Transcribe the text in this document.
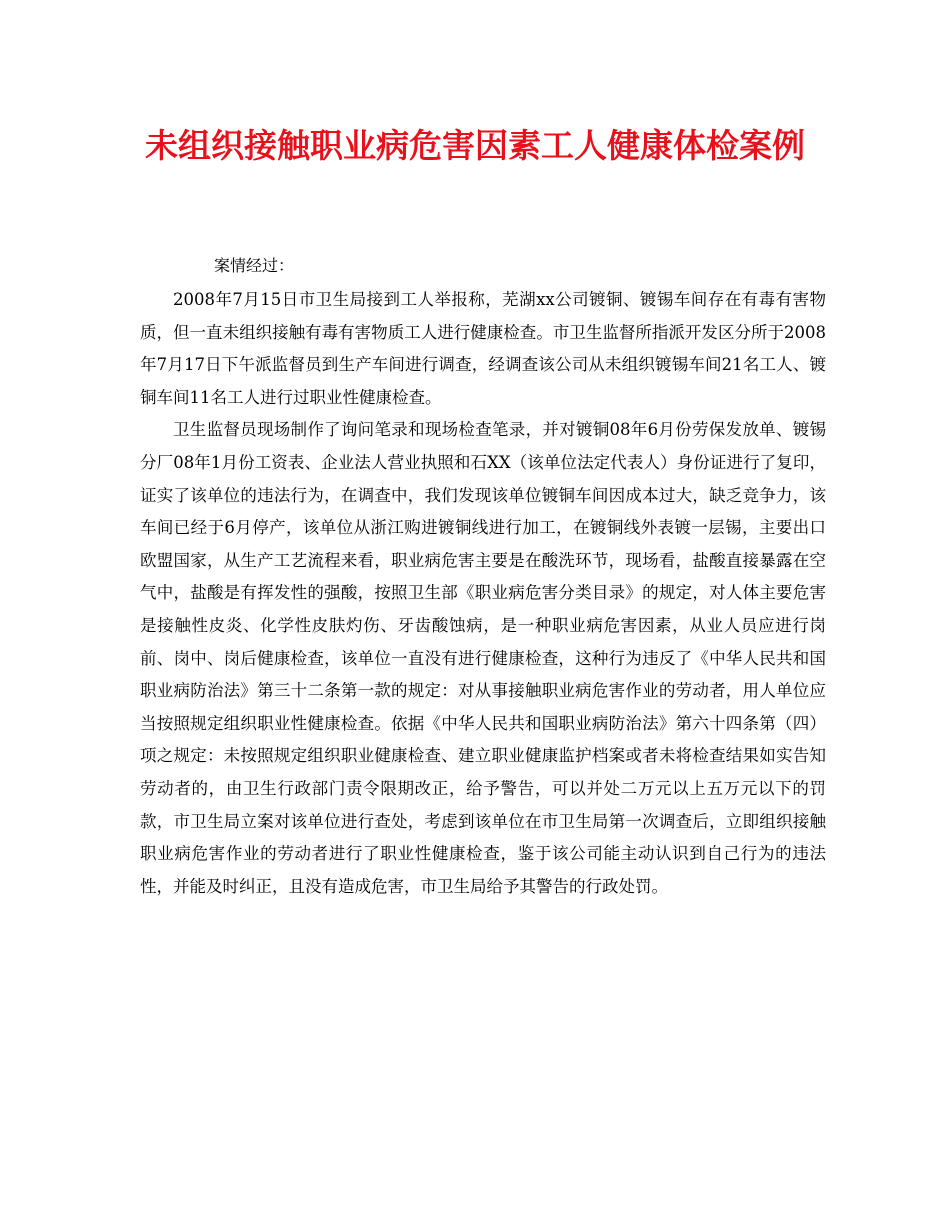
未组织接触职业病危害因素工人健康体检案例

案情经过：

2008年7月15日市卫生局接到工人举报称，芜湖xx公司镀铜、镀锡车间存在有毒有害物质，但一直未组织接触有毒有害物质工人进行健康检查。市卫生监督所指派开发区分所于2008年7月17日下午派监督员到生产车间进行调查，经调查该公司从未组织镀锡车间21名工人、镀铜车间11名工人进行过职业性健康检查。

卫生监督员现场制作了询问笔录和现场检查笔录，并对镀铜08年6月份劳保发放单、镀锡分厂08年1月份工资表、企业法人营业执照和石XX（该单位法定代表人）身份证进行了复印，证实了该单位的违法行为，在调查中，我们发现该单位镀铜车间因成本过大，缺乏竞争力，该车间已经于6月停产，该单位从浙江购进镀铜线进行加工，在镀铜线外表镀一层锡，主要出口欧盟国家，从生产工艺流程来看，职业病危害主要是在酸洗环节，现场看，盐酸直接暴露在空气中，盐酸是有挥发性的强酸，按照卫生部《职业病危害分类目录》的规定，对人体主要危害是接触性皮炎、化学性皮肤灼伤、牙齿酸蚀病，是一种职业病危害因素，从业人员应进行岗前、岗中、岗后健康检查，该单位一直没有进行健康检查，这种行为违反了《中华人民共和国职业病防治法》第三十二条第一款的规定：对从事接触职业病危害作业的劳动者，用人单位应当按照规定组织职业性健康检查。依据《中华人民共和国职业病防治法》第六十四条第（四）项之规定：未按照规定组织职业健康检查、建立职业健康监护档案或者未将检查结果如实告知劳动者的，由卫生行政部门责令限期改正，给予警告，可以并处二万元以上五万元以下的罚款，市卫生局立案对该单位进行查处，考虑到该单位在市卫生局第一次调查后，立即组织接触职业病危害作业的劳动者进行了职业性健康检查，鉴于该公司能主动认识到自己行为的违法性，并能及时纠正，且没有造成危害，市卫生局给予其警告的行政处罚。
